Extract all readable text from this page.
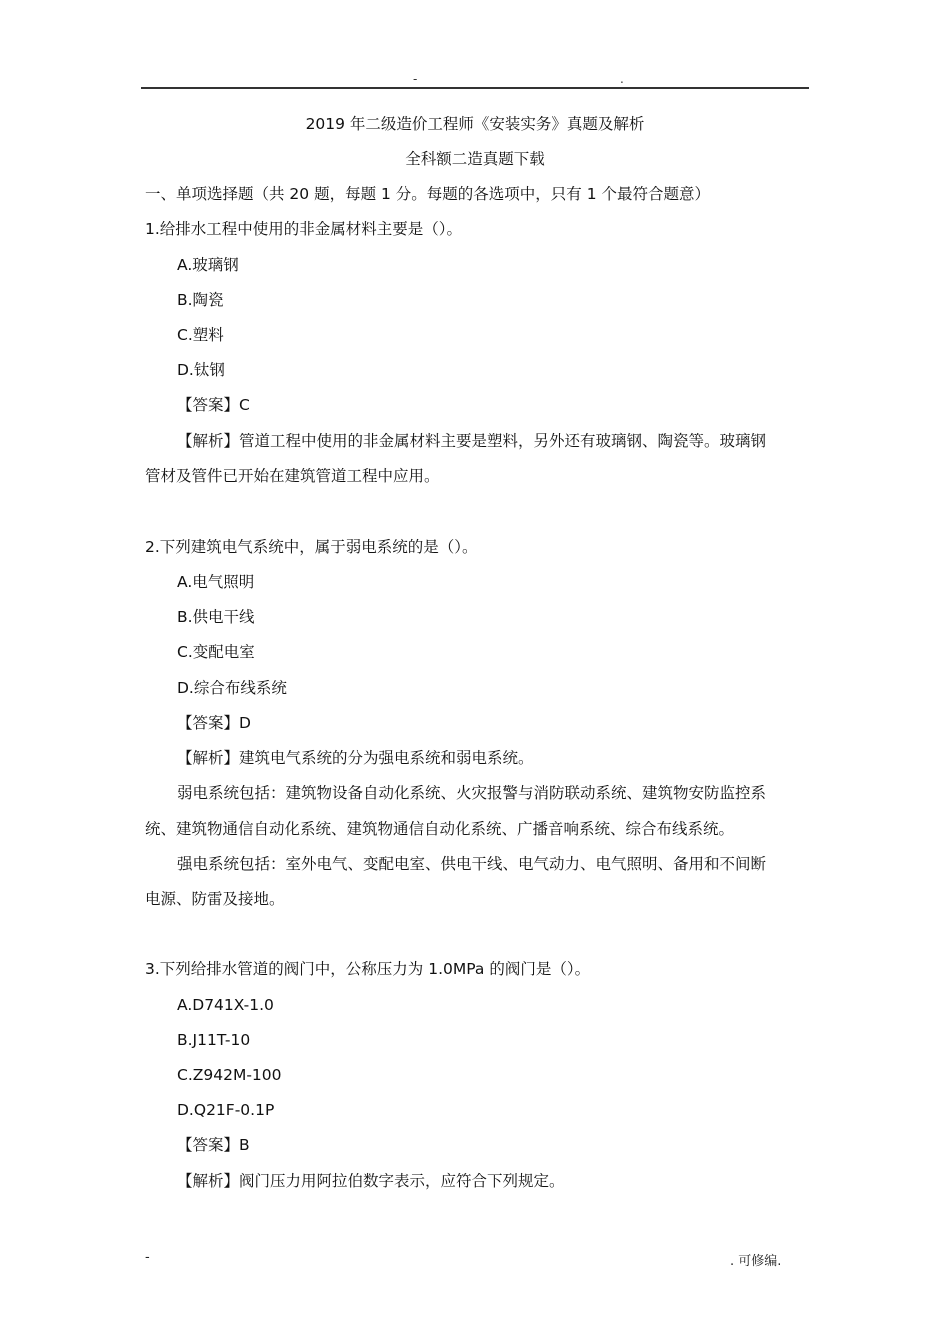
-	.
2019 年二级造价工程师《安装实务》真题及解析
全科额二造真题下载
一、单项选择题（共 20 题，每题 1 分。每题的各选项中，只有 1 个最符合题意）
1.给排水工程中使用的非金属材料主要是（）。
A.玻璃钢
B.陶瓷
C.塑料
D.钛钢
【答案】C
【解析】管道工程中使用的非金属材料主要是塑料，另外还有玻璃钢、陶瓷等。玻璃钢
管材及管件已开始在建筑管道工程中应用。
2.下列建筑电气系统中，属于弱电系统的是（）。
A.电气照明
B.供电干线
C.变配电室
D.综合布线系统
【答案】D
【解析】建筑电气系统的分为强电系统和弱电系统。
弱电系统包括：建筑物设备自动化系统、火灾报警与消防联动系统、建筑物安防监控系
统、建筑物通信自动化系统、建筑物通信自动化系统、广播音响系统、综合布线系统。
强电系统包括：室外电气、变配电室、供电干线、电气动力、电气照明、备用和不间断
电源、防雷及接地。
3.下列给排水管道的阀门中，公称压力为 1.0MPa 的阀门是（）。
A.D741X-1.0
B.J11T-10
C.Z942M-100
D.Q21F-0.1P
【答案】B
【解析】阀门压力用阿拉伯数字表示，应符合下列规定。
-	. 可修编.
